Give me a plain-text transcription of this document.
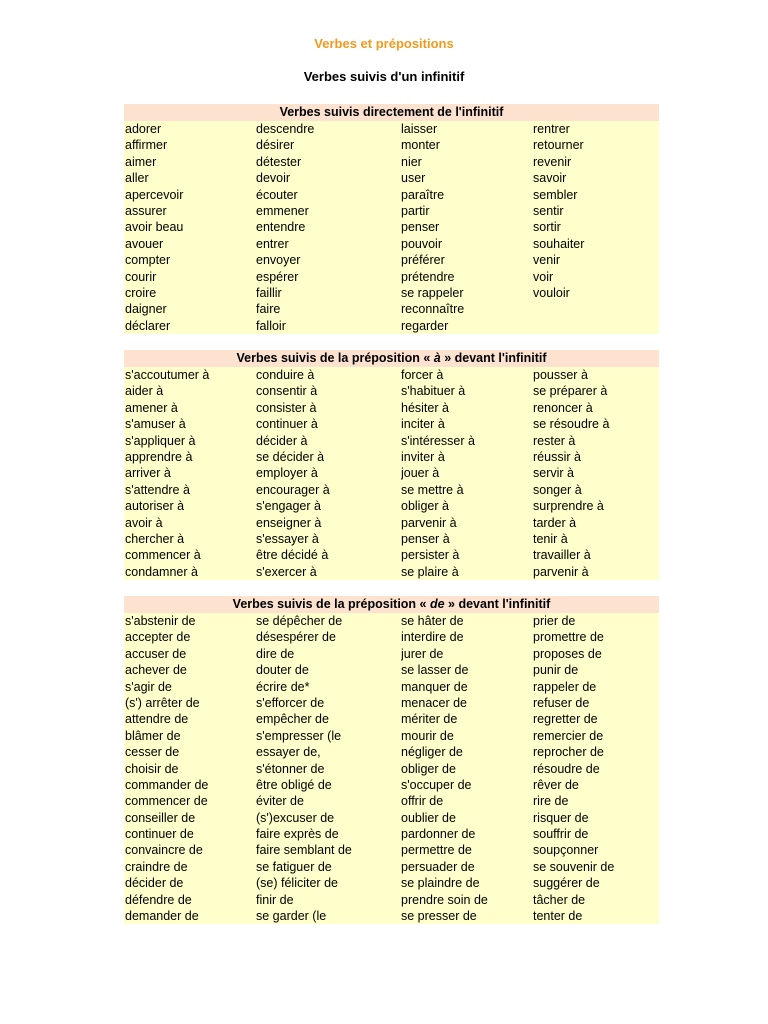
Verbes et prépositions
Verbes suivis d'un infinitif
Verbes suivis directement de l'infinitif
adorer	descendre	laisser	rentrer
affirmer	désirer	monter	retourner
aimer	détester	nier	revenir
aller	devoir	user	savoir
apercevoir	écouter	paraître	sembler
assurer	emmener	partir	sentir
avoir beau	entendre	penser	sortir
avouer	entrer	pouvoir	souhaiter
compter	envoyer	préférer	venir
courir	espérer	prétendre	voir
croire	faillir	se rappeler	vouloir
daigner	faire	reconnaître
déclarer	falloir	regarder
Verbes suivis de la préposition « à » devant l'infinitif
s'accoutumer à	conduire à	forcer à	pousser à
aider à	consentir à	s'habituer à	se préparer à
amener à	consister à	hésiter à	renoncer à
s'amuser à	continuer à	inciter à	se résoudre à
s'appliquer à	décider à	s'intéresser à	rester à
apprendre à	se décider à	inviter à	réussir à
arriver à	employer à	jouer à	servir à
s'attendre à	encourager à	se mettre à	songer à
autoriser à	s'engager à	obliger à	surprendre à
avoir à	enseigner à	parvenir à	tarder à
chercher à	s'essayer à	penser à	tenir à
commencer à	être décidé à	persister à	travailler à
condamner à	s'exercer à	se plaire à	parvenir à
Verbes suivis de la préposition « de » devant l'infinitif
s'abstenir de	se dépêcher de	se hâter de	prier de
accepter de	désespérer de	interdire de	promettre de
accuser de	dire de	jurer de	proposes de
achever de	douter de	se lasser de	punir de
s'agir de	écrire de*	manquer de	rappeler de
(s') arrêter de	s'efforcer de	menacer de	refuser de
attendre de	empêcher de	mériter de	regretter de
blâmer de	s'empresser (le	mourir de	remercier de
cesser de	essayer de,	négliger de	reprocher de
choisir de	s'étonner de	obliger de	résoudre de
commander de	être obligé de	s'occuper de	rêver de
commencer de	éviter de	offrir de	rire de
conseiller de	(s')excuser de	oublier de	risquer de
continuer de	faire exprès de	pardonner de	souffrir de
convaincre de	faire semblant de	permettre de	soupçonner
craindre de	se fatiguer de	persuader de	se souvenir de
décider de	(se) féliciter de	se plaindre de	suggérer de
défendre de	finir de	prendre soin de	tâcher de
demander de	se garder (le	se presser de	tenter de
